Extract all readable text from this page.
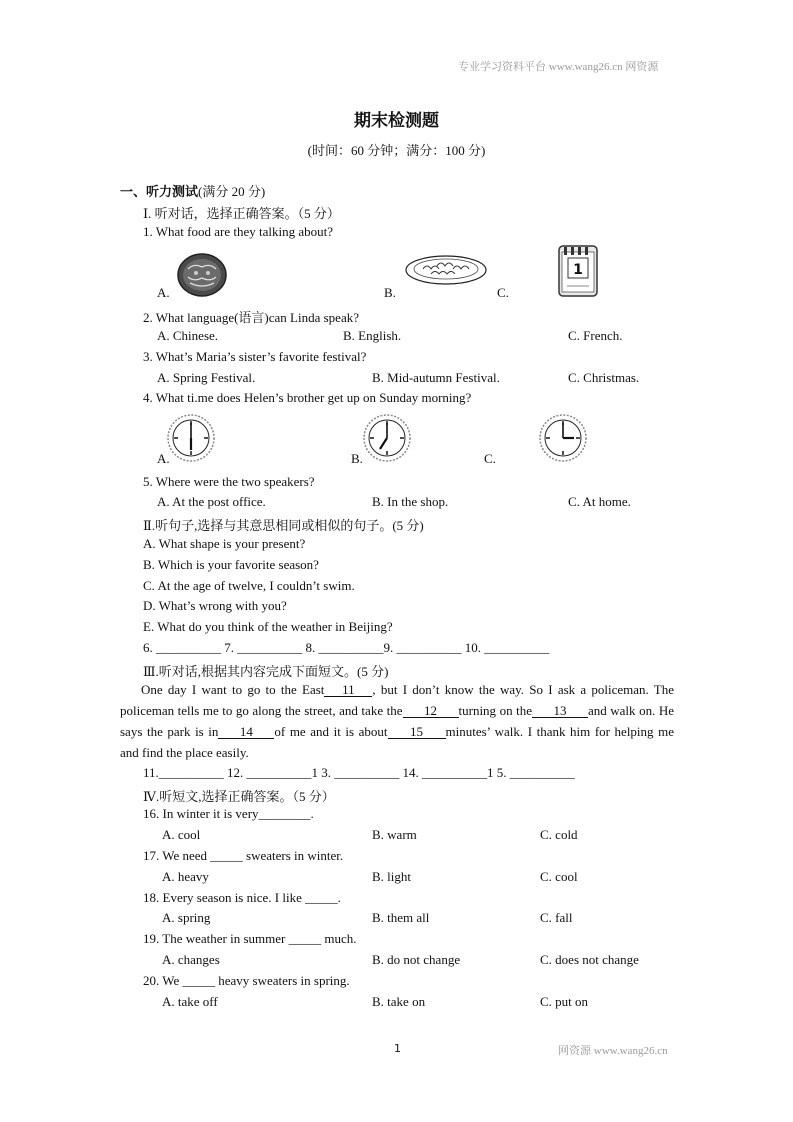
专业学习资料平台 www.wang26.cn 网资源
期末检测题
(时间：60 分钟；满分：100 分)
一、听力测试(满分 20 分)
Ⅰ. 听对话，选择正确答案。（5 分）
1. What food are they talking about?
A.	B.	C.
1
2. What language(语言)can Linda speak?
A. Chinese.	B. English.	C. French.
3. What’s Maria’s sister’s favorite festival?
A. Spring Festival.	B. Mid-autumn Festival.	C. Christmas.
4. What ti.me does Helen’s brother get up on Sunday morning?
A.	B.	C.
5. Where were the two speakers?
A. At the post office.	B. In the shop.	C. At home.
Ⅱ.听句子,选择与其意思相同或相似的句子。(5 分)
A. What shape is your present?
B. Which is your favorite season?
C. At the age of twelve, I couldn’t swim.
D. What’s wrong with you?
E. What do you think of the weather in Beijing?
6. __________ 7. __________ 8. __________9. __________ 10. __________
Ⅲ.听对话,根据其内容完成下面短文。(5 分)
One day I want to go to the East 11 , but I don’t know the way. So I ask a policeman. The policeman tells me to go along the street, and take the 12 turning on the 13 and walk on. He says the park is in 14 of me and it is about 15 minutes’ walk. I thank him for helping me and find the place easily.
11.__________ 12. __________1 3. __________ 14. __________1 5. __________
Ⅳ.听短文,选择正确答案。（5 分）
16. In winter it is very________.
A. cool	B. warm	C. cold
17. We need _____ sweaters in winter.
A. heavy	B. light	C. cool
18. Every season is nice. I like _____.
A. spring	B. them all	C. fall
19. The weather in summer _____ much.
A. changes	B. do not change	C. does not change
20. We _____ heavy sweaters in spring.
A. take off	B. take on	C. put on
1	网资源 www.wang26.cn
